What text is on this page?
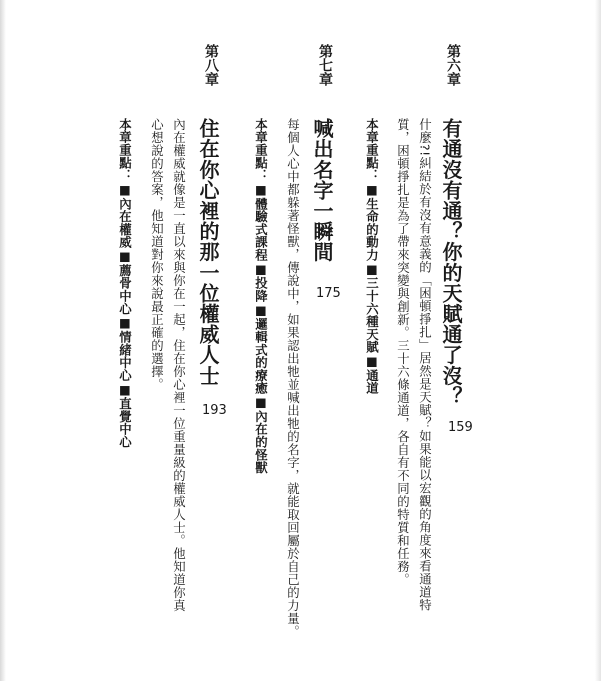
第六章
有通沒有通？你的天賦通了沒？
159
什麼?!糾結於有沒有意義的「困頓掙扎」居然是天賦？如果能以宏觀的角度來看通道特
質，困頓掙扎是為了帶來突變與創新。三十六條通道，各自有不同的特質和任務。
本章重點：■生命的動力■三十六種天賦■通道
第七章
喊出名字一瞬間
175
每個人心中都躲著怪獸，傳說中，如果認出牠並喊出牠的名字，就能取回屬於自己的力量。
本章重點：■體驗式課程■投降■邏輯式的療癒■內在的怪獸
第八章
住在你心裡的那一位權威人士
193
內在權威就像是一直以來與你在一起，住在你心裡一位重量級的權威人士。他知道你真
心想說的答案，他知道對你來說最正確的選擇。
本章重點：■內在權威■薦骨中心■情緒中心■直覺中心
